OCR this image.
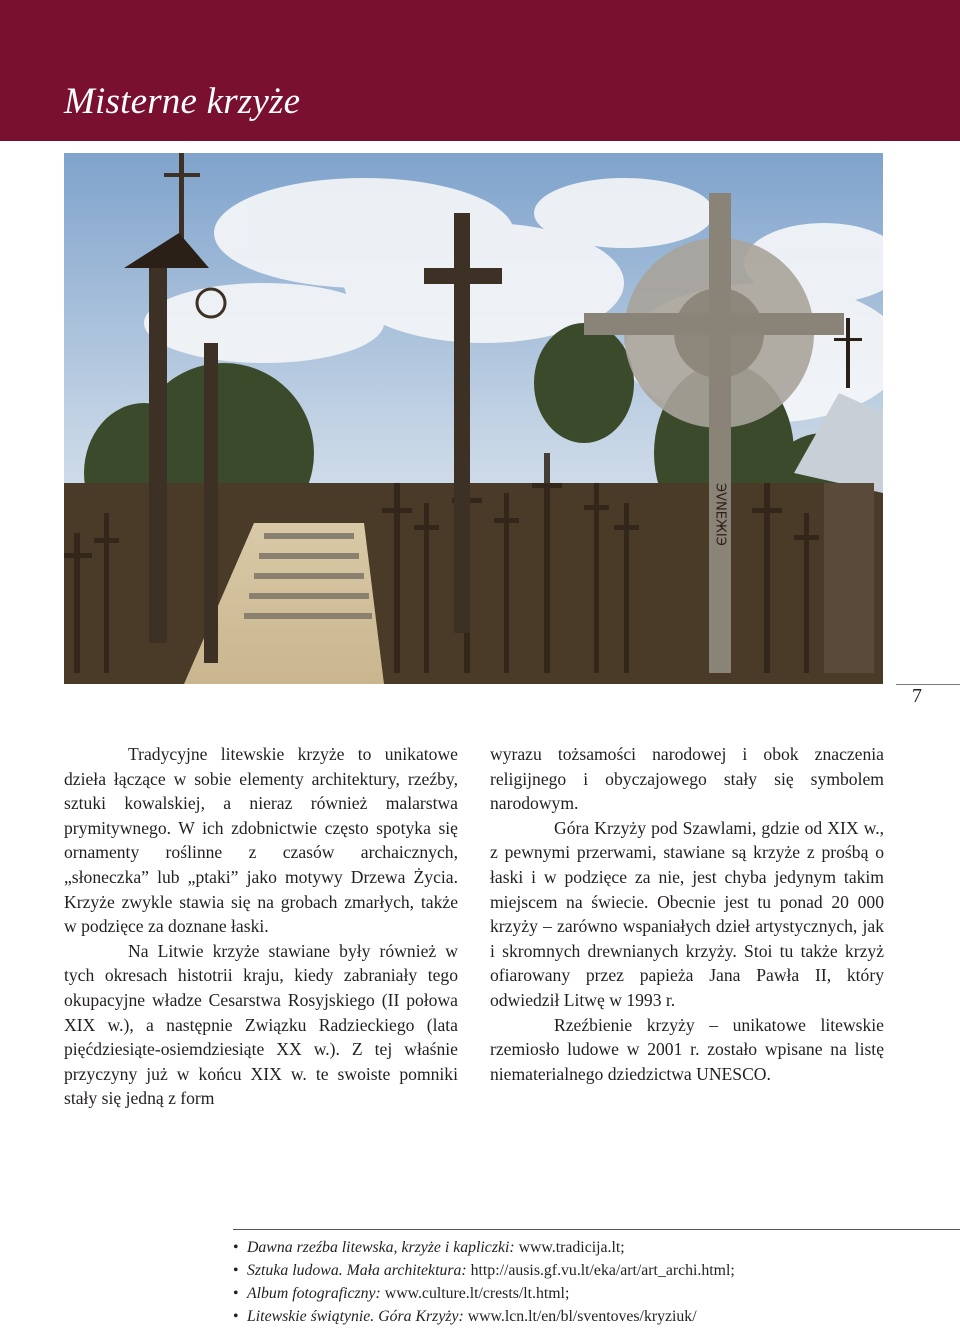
Misterne krzyże
ЭVNEЖIЭ
7

Tradycyjne litewskie krzyże to unikatowe dzieła łączące w sobie elementy architektury, rzeźby, sztuki kowalskiej, a nieraz również malarstwa prymitywnego. W ich zdobnictwie często spotyka się ornamenty roślinne z czasów archaicznych, „słoneczka” lub „ptaki” jako motywy Drzewa Życia. Krzyże zwykle stawia się na grobach zmarłych, także w podzięce za doznane łaski.

Na Litwie krzyże stawiane były również w tych okresach histotrii kraju, kiedy zabraniały tego okupacyjne władze Cesarstwa Rosyjskiego (II połowa XIX w.), a następnie Związku Radzieckiego (lata pięćdziesiąte-osiemdziesiąte XX w.). Z tej właśnie przyczyny już w końcu XIX w. te swoiste pomniki stały się jedną z form

wyrazu tożsamości narodowej i obok znaczenia religijnego i obyczajowego stały się symbolem narodowym.

Góra Krzyży pod Szawlami, gdzie od XIX w., z pewnymi przerwami, stawiane są krzyże z prośbą o łaski i w podzięce za nie, jest chyba jedynym takim miejscem na świecie. Obecnie jest tu ponad 20 000 krzyży – zarówno wspaniałych dzieł artystycznych, jak i skromnych drewnianych krzyży. Stoi tu także krzyż ofiarowany przez papieża Jana Pawła II, który odwiedził Litwę w 1993 r.

Rzeźbienie krzyży – unikatowe litewskie rzemiosło ludowe w 2001 r. zostało wpisane na listę niematerialnego dziedzictwa UNESCO.

• Dawna rzeźba litewska, krzyże i kapliczki: www.tradicija.lt;
• Sztuka ludowa. Mała architektura: http://ausis.gf.vu.lt/eka/art/art_archi.html;
• Album fotograficzny: www.culture.lt/crests/lt.html;
• Litewskie świątynie. Góra Krzyży: www.lcn.lt/en/bl/sventoves/kryziuk/
